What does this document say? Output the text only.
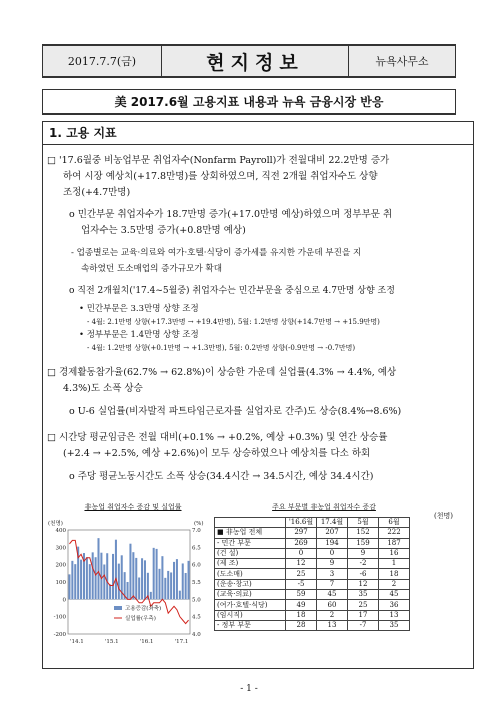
2017.7.7(금)	현지정보	뉴욕사무소
美 2017.6월 고용지표 내용과 뉴욕 금융시장 반응
1. 고용 지표
□ '17.6월중 비농업부문 취업자수(Nonfarm Payroll)가 전월대비 22.2만명 증가
하여 시장 예상치(+17.8만명)를 상회하였으며, 직전 2개월 취업자수도 상향
조정(+4.7만명)
o 민간부문 취업자수가 18.7만명 증가(+17.0만명 예상)하였으며 정부부문 취
업자수는 3.5만명 증가(+0.8만명 예상)
- 업종별로는 교육·의료와 여가·호텔·식당이 증가세를 유지한 가운데 부진을 지
속하였던 도소매업의 증가규모가 확대
o 직전 2개월치('17.4~5월중) 취업자수는 민간부문을 중심으로 4.7만명 상향 조정
• 민간부문은 3.3만명 상향 조정
- 4월: 2.1만명 상향(+17.3만명 → +19.4만명), 5월: 1.2만명 상향(+14.7만명 → +15.9만명)
• 정부부문은 1.4만명 상향 조정
- 4월: 1.2만명 상향(+0.1만명 → +1.3만명), 5월: 0.2만명 상향(-0.9만명 → -0.7만명)
□ 경제활동참가율(62.7% → 62.8%)이 상승한 가운데 실업률(4.3% → 4.4%, 예상
4.3%)도 소폭 상승
o U-6 실업률(비자발적 파트타임근로자를 실업자로 간주)도 상승(8.4%→8.6%)
□ 시간당 평균임금은 전월 대비(+0.1% → +0.2%, 예상 +0.3%) 및 연간 상승률
(+2.4 → +2.5%, 예상 +2.6%)이 모두 상승하였으나 예상치를 다소 하회
o 주당 평균노동시간도 소폭 상승(34.4시간 → 34.5시간, 예상 34.4시간)
非농업 취업자수 증감 및 실업률
(천명)	(%)
400
300
200
100
0
-100
-200
7.0
6.5
6.0
5.5
5.0
4.5
4.0
'14.1	'15.1	'16.1	'17.1
고용증감(좌축)
실업률(우측)
주요 부문별 非농업 취업자수 증감
(천명)
	'16.6월	17.4월	5월	6월
■ 非농업 전체	297	207	152	222
- 민간 부문	269	194	159	187
(건 설)	0	0	9	16
(제 조)	12	9	-2	1
(도소매)	25	3	-6	18
(운송·창고)	-5	7	12	2
(교육·의료)	59	45	35	45
(여가·호텔·식당)	49	60	25	36
(임시직)	18	2	17	13
- 정부 부문	28	13	-7	35
- 1 -
